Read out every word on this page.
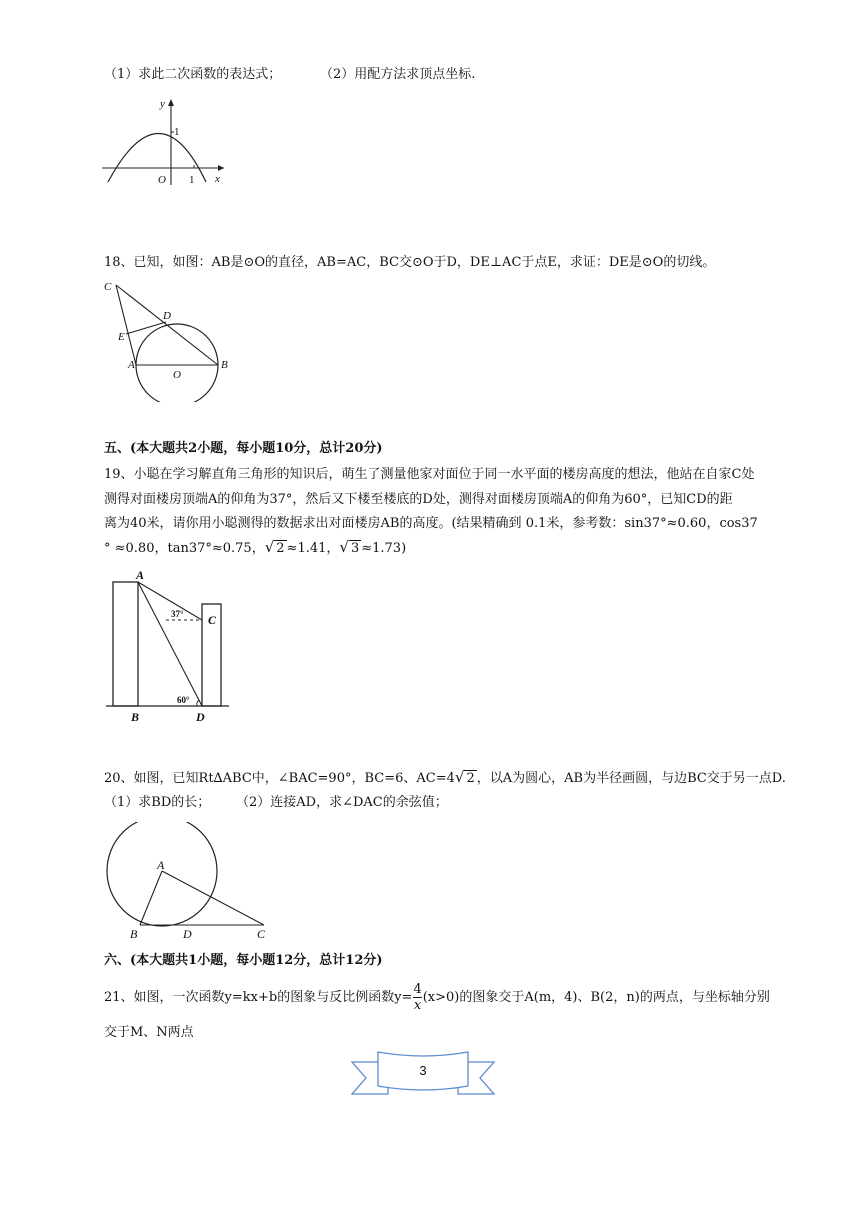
（1）求此二次函数的表达式；	（2）用配方法求顶点坐标.
y
1
O 1 x
18、已知，如图：AB是⊙O的直径，AB=AC，BC交⊙O于D，DE⊥AC于点E，求证：DE是⊙O的切线。
C
D
E
A
O
B
五、(本大题共2小题，每小题10分，总计20分)
19、小聪在学习解直角三角形的知识后，萌生了测量他家对面位于同一水平面的楼房高度的想法，他站在自家C处
测得对面楼房顶端A的仰角为37°，然后又下楼至楼底的D处，测得对面楼房顶端A的仰角为60°，已知CD的距
离为40米，请你用小聪测得的数据求出对面楼房AB的高度。(结果精确到 0.1米，参考数：sin37°≈0.60，cos37
° ≈0.80，tan37°≈0.75，√ 2 ≈1.41，√ 3 ≈1.73)
A
C
B	D
37°
60°
20、如图，已知Rt∆ABC中，∠BAC=90°，BC=6、AC=4√ 2 ，以A为圆心，AB为半径画圆，与边BC交于另一点D.
（1）求BD的长； （2）连接AD，求∠DAC的余弦值；
A
B	D	C
六、(本大题共1小题，每小题12分，总计12分)
21、如图，一次函数y=kx+b的图象与反比例函数$y= \frac{4}{x} (x>0)$的图象交于A(m，4)、B(2，n)的两点，与坐标轴分别
交于M、N两点
3
